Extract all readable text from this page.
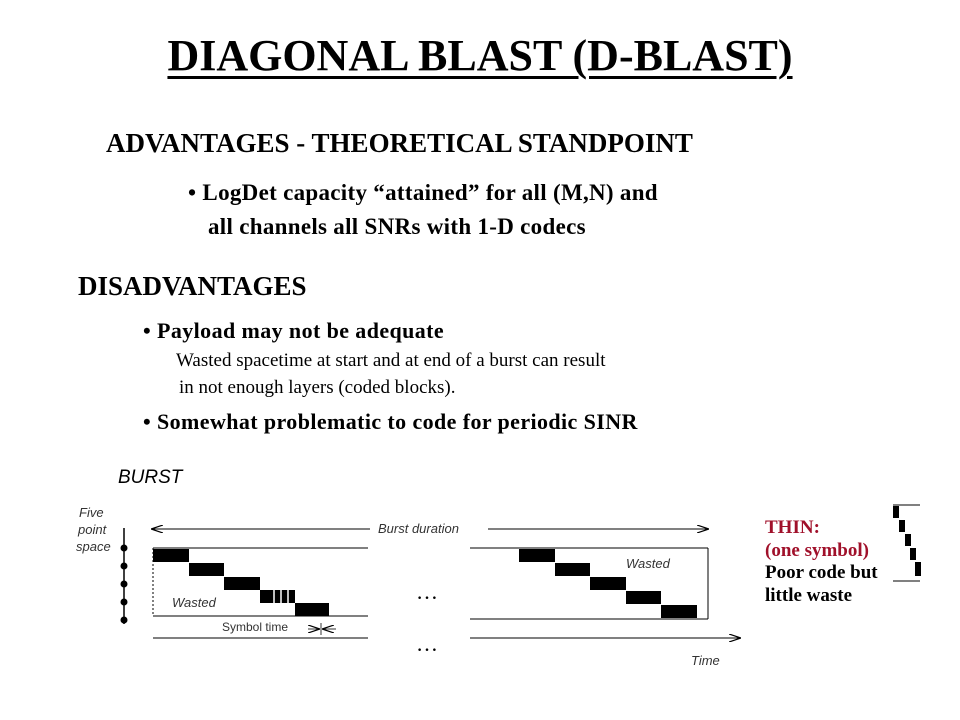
DIAGONAL BLAST (D-BLAST)
ADVANTAGES - THEORETICAL STANDPOINT
• LogDet capacity “attained” for all (M,N) and
all channels all SNRs with 1-D codecs
DISADVANTAGES
• Payload may not be adequate
Wasted spacetime at start and at end of a burst can result
in not enough layers (coded blocks).
• Somewhat problematic to code for periodic SINR
BURST
Five
point
space
Burst duration
Wasted
Wasted
Symbol time
…
…
Time
THIN:
(one symbol)
Poor code but
little waste
